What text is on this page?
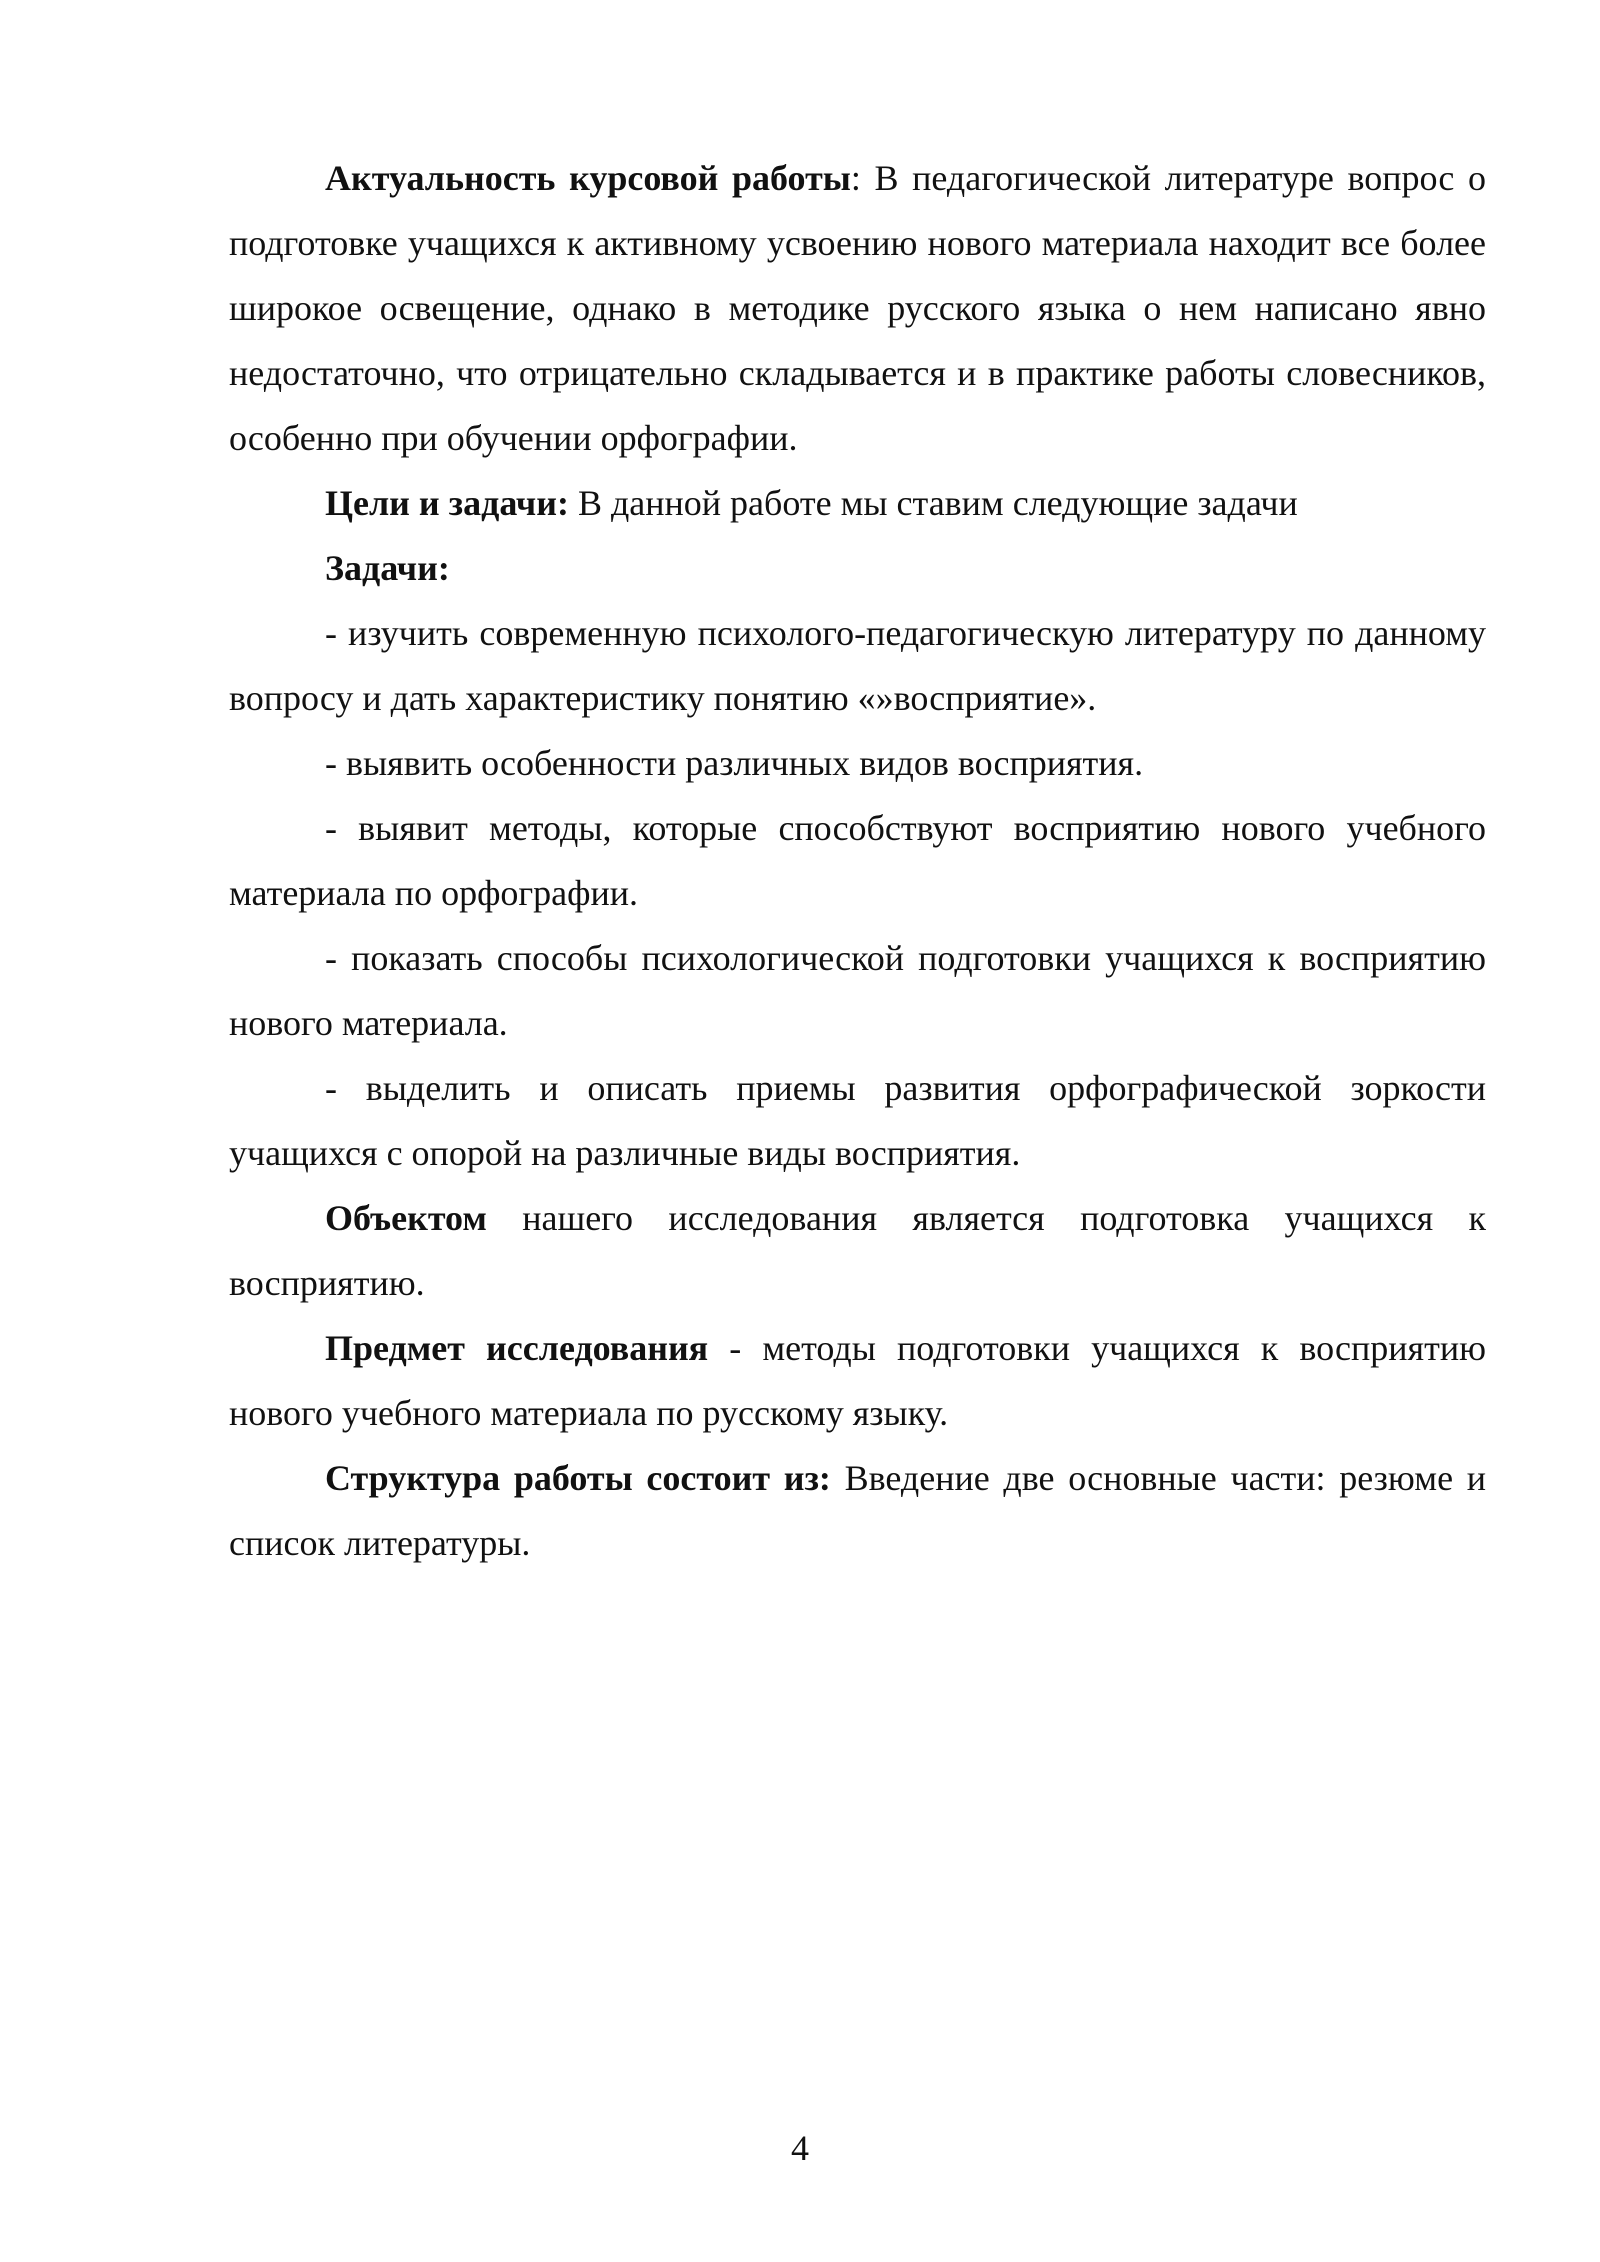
Актуальность курсовой работы: В педагогической литературе вопрос о подготовке учащихся к активному усвоению нового материала находит все более широкое освещение, однако в методике русского языка о нем написано явно недостаточно, что отрицательно складывается и в практике работы словесников, особенно при обучении орфографии.

Цели и задачи: В данной работе мы ставим следующие задачи

Задачи:

- изучить современную психолого-педагогическую литературу по данному вопросу и дать характеристику понятию «»восприятие».

- выявить особенности различных видов восприятия.

- выявит методы, которые способствуют восприятию нового учебного материала по орфографии.

- показать способы психологической подготовки учащихся к восприятию нового материала.

- выделить и описать приемы развития орфографической зоркости учащихся с опорой на различные виды восприятия.

Объектом нашего исследования является подготовка учащихся к восприятию.

Предмет исследования - методы подготовки учащихся к восприятию нового учебного материала по русскому языку.

Структура работы состоит из: Введение две основные части: резюме и список литературы.

4
